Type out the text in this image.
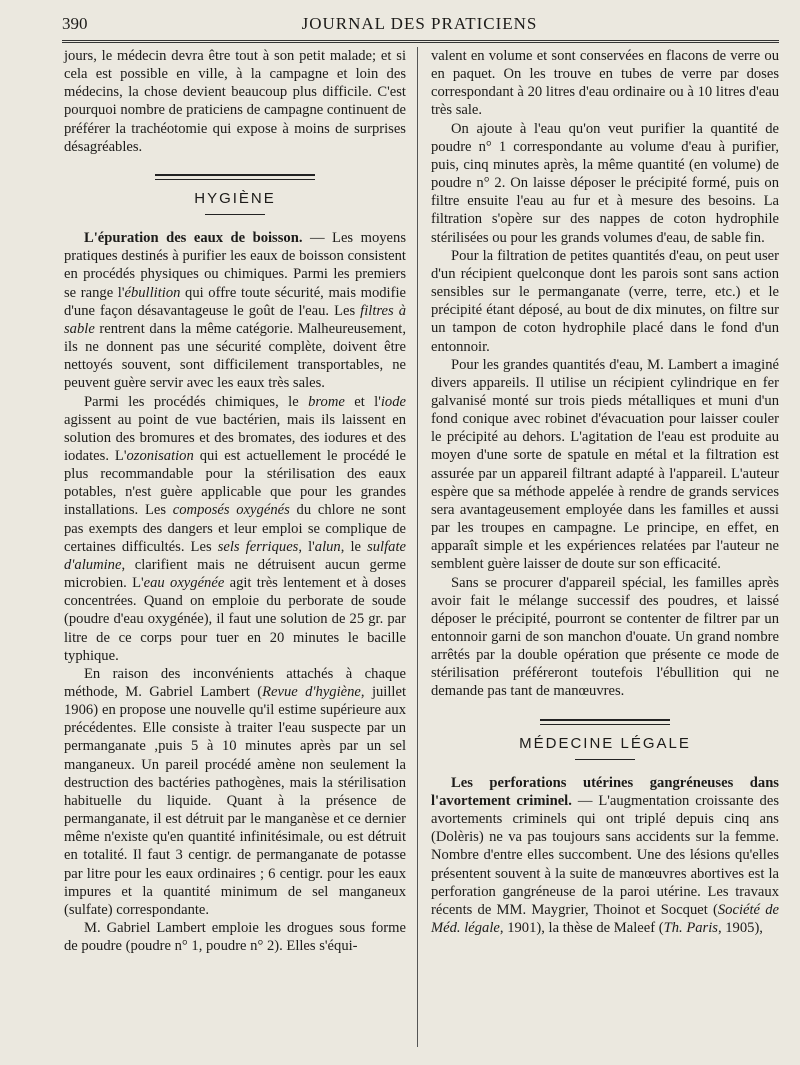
390	JOURNAL DES PRATICIENS

jours, le médecin devra être tout à son petit malade; et si cela est possible en ville, à la campagne et loin des médecins, la chose devient beaucoup plus difficile. C'est pourquoi nombre de praticiens de campagne continuent de préférer la trachéotomie qui expose à moins de surprises désagréables.

HYGIÈNE

L'épuration des eaux de boisson. — Les moyens pratiques destinés à purifier les eaux de boisson consistent en procédés physiques ou chimiques. Parmi les premiers se range l'ébullition qui offre toute sécurité, mais modifie d'une façon désavantageuse le goût de l'eau. Les filtres à sable rentrent dans la même catégorie. Malheureusement, ils ne donnent pas une sécurité complète, doivent être nettoyés souvent, sont difficilement transportables, ne peuvent guère servir avec les eaux très sales.

Parmi les procédés chimiques, le brome et l'iode agissent au point de vue bactérien, mais ils laissent en solution des bromures et des bromates, des iodures et des iodates. L'ozonisation qui est actuellement le procédé le plus recommandable pour la stérilisation des eaux potables, n'est guère applicable que pour les grandes installations. Les composés oxygénés du chlore ne sont pas exempts des dangers et leur emploi se complique de certaines difficultés. Les sels ferriques, l'alun, le sulfate d'alumine, clarifient mais ne détruisent aucun germe microbien. L'eau oxygénée agit très lentement et à doses concentrées. Quand on emploie du perborate de soude (poudre d'eau oxygénée), il faut une solution de 25 gr. par litre de ce corps pour tuer en 20 minutes le bacille typhique.

En raison des inconvénients attachés à chaque méthode, M. Gabriel Lambert (Revue d'hygiène, juillet 1906) en propose une nouvelle qu'il estime supérieure aux précédentes. Elle consiste à traiter l'eau suspecte par un permanganate ,puis 5 à 10 minutes après par un sel manganeux. Un pareil procédé amène non seulement la destruction des bactéries pathogènes, mais la stérilisation habituelle du liquide. Quant à la présence de permanganate, il est détruit par le manganèse et ce dernier même n'existe qu'en quantité infinitésimale, ou est détruit en totalité. Il faut 3 centigr. de permanganate de potasse par litre pour les eaux ordinaires ; 6 centigr. pour les eaux impures et la quantité minimum de sel manganeux (sulfate) correspondante.

M. Gabriel Lambert emploie les drogues sous forme de poudre (poudre n° 1, poudre n° 2). Elles s'équi-

valent en volume et sont conservées en flacons de verre ou en paquet. On les trouve en tubes de verre par doses correspondant à 20 litres d'eau ordinaire ou à 10 litres d'eau très sale.

On ajoute à l'eau qu'on veut purifier la quantité de poudre n° 1 correspondante au volume d'eau à purifier, puis, cinq minutes après, la même quantité (en volume) de poudre n° 2. On laisse déposer le précipité formé, puis on filtre ensuite l'eau au fur et à mesure des besoins. La filtration s'opère sur des nappes de coton hydrophile stérilisées ou pour les grands volumes d'eau, de sable fin.

Pour la filtration de petites quantités d'eau, on peut user d'un récipient quelconque dont les parois sont sans action sensibles sur le permanganate (verre, terre, etc.) et le précipité étant déposé, au bout de dix minutes, on filtre sur un tampon de coton hydrophile placé dans le fond d'un entonnoir.

Pour les grandes quantités d'eau, M. Lambert a imaginé divers appareils. Il utilise un récipient cylindrique en fer galvanisé monté sur trois pieds métalliques et muni d'un fond conique avec robinet d'évacuation pour laisser couler le précipité au dehors. L'agitation de l'eau est produite au moyen d'une sorte de spatule en métal et la filtration est assurée par un appareil filtrant adapté à l'appareil. L'auteur espère que sa méthode appelée à rendre de grands services sera avantageusement employée dans les familles et aussi par les troupes en campagne. Le principe, en effet, en apparaît simple et les expériences relatées par l'auteur ne semblent guère laisser de doute sur son efficacité.

Sans se procurer d'appareil spécial, les familles après avoir fait le mélange successif des poudres, et laissé déposer le précipité, pourront se contenter de filtrer par un entonnoir garni de son manchon d'ouate. Un grand nombre arrêtés par la double opération que présente ce mode de stérilisation préféreront toutefois l'ébullition qui ne demande pas tant de manœuvres.

MÉDECINE LÉGALE

Les perforations utérines gangréneuses dans l'avortement criminel. — L'augmentation croissante des avortements criminels qui ont triplé depuis cinq ans (Dolèris) ne va pas toujours sans accidents sur la femme. Nombre d'entre elles succombent. Une des lésions qu'elles présentent souvent à la suite de manœuvres abortives est la perforation gangréneuse de la paroi utérine. Les travaux récents de MM. Maygrier, Thoinot et Socquet (Société de Méd. légale, 1901), la thèse de Maleef (Th. Paris, 1905),
